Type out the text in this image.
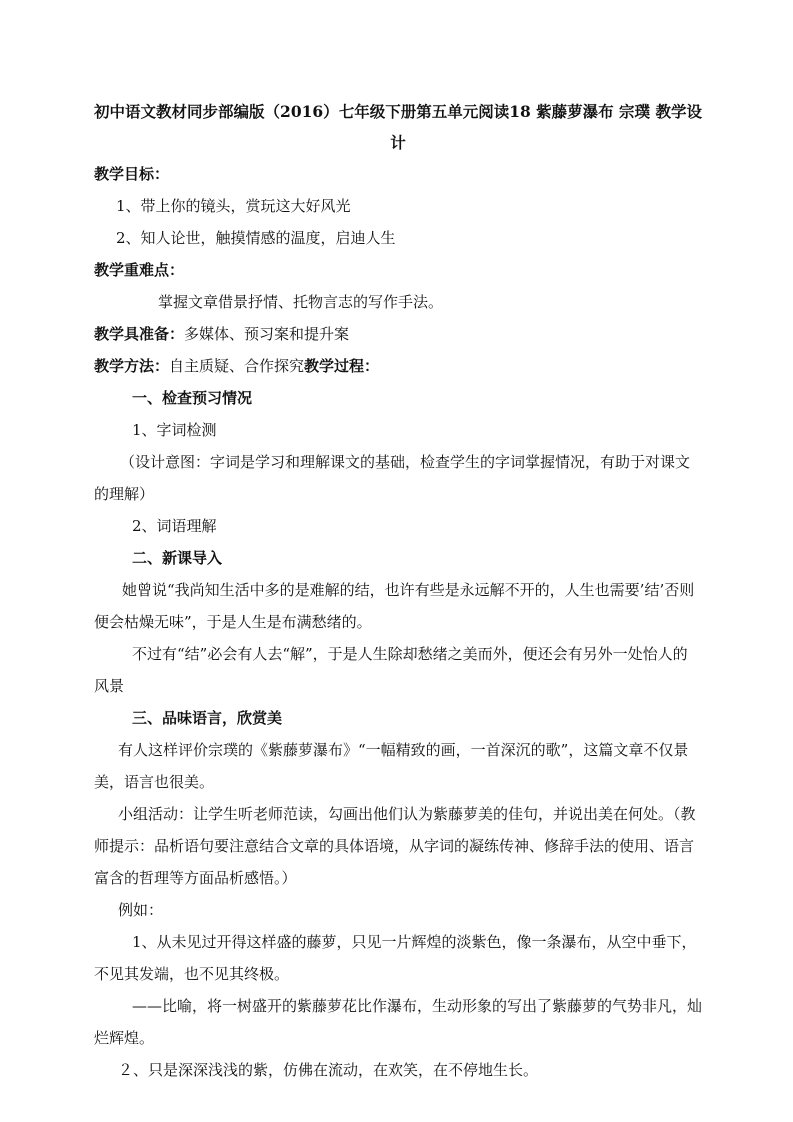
初中语文教材同步部编版（2016）七年级下册第五单元阅读18 紫藤萝瀑布 宗璞 教学设计

教学目标：

1、带上你的镜头，赏玩这大好风光

2、知人论世，触摸情感的温度，启迪人生

教学重难点：

掌握文章借景抒情、托物言志的写作手法。

教学具准备：多媒体、预习案和提升案

教学方法：自主质疑、合作探究教学过程：

一、检查预习情况

1、字词检测

（设计意图：字词是学习和理解课文的基础，检查学生的字词掌握情况，有助于对课文的理解）

2、词语理解

二、新课导入

她曾说“我尚知生活中多的是难解的结，也许有些是永远解不开的，人生也需要’结’否则便会枯燥无味”，于是人生是布满愁绪的。

不过有“结”必会有人去“解”，于是人生除却愁绪之美而外，便还会有另外一处怡人的风景

三、品味语言，欣赏美

有人这样评价宗璞的《紫藤萝瀑布》“一幅精致的画，一首深沉的歌”，这篇文章不仅景美，语言也很美。

小组活动：让学生听老师范读，勾画出他们认为紫藤萝美的佳句，并说出美在何处。（教师提示：品析语句要注意结合文章的具体语境，从字词的凝练传神、修辞手法的使用、语言富含的哲理等方面品析感悟。）

例如：

1、从未见过开得这样盛的藤萝，只见一片辉煌的淡紫色，像一条瀑布，从空中垂下，不见其发端，也不见其终极。

——比喻，将一树盛开的紫藤萝花比作瀑布，生动形象的写出了紫藤萝的气势非凡，灿烂辉煌。

２、只是深深浅浅的紫，仿佛在流动，在欢笑，在不停地生长。
